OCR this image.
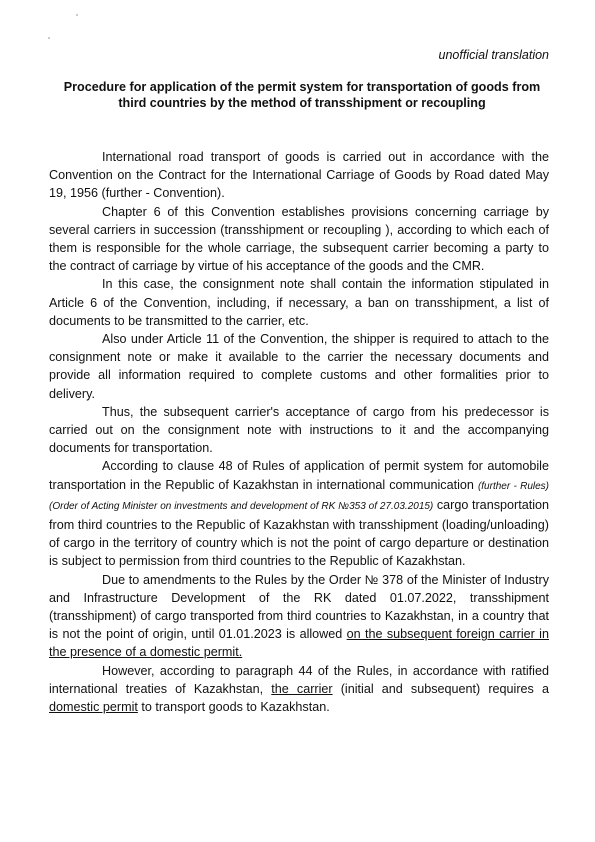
unofficial translation
Procedure for application of the permit system for transportation of goods from third countries by the method of transshipment or recoupling

International road transport of goods is carried out in accordance with the Convention on the Contract for the International Carriage of Goods by Road dated May 19, 1956 (further - Convention).

Chapter 6 of this Convention establishes provisions concerning carriage by several carriers in succession (transshipment or recoupling ), according to which each of them is responsible for the whole carriage, the subsequent carrier becoming a party to the contract of carriage by virtue of his acceptance of the goods and the CMR.

In this case, the consignment note shall contain the information stipulated in Article 6 of the Convention, including, if necessary, a ban on transshipment, a list of documents to be transmitted to the carrier, etc.

Also under Article 11 of the Convention, the shipper is required to attach to the consignment note or make it available to the carrier the necessary documents and provide all information required to complete customs and other formalities prior to delivery.

Thus, the subsequent carrier's acceptance of cargo from his predecessor is carried out on the consignment note with instructions to it and the accompanying documents for transportation.

According to clause 48 of Rules of application of permit system for automobile transportation in the Republic of Kazakhstan in international communication (further - Rules) (Order of Acting Minister on investments and development of RK №353 of 27.03.2015) cargo transportation from third countries to the Republic of Kazakhstan with transshipment (loading/unloading) of cargo in the territory of country which is not the point of cargo departure or destination is subject to permission from third countries to the Republic of Kazakhstan.

Due to amendments to the Rules by the Order № 378 of the Minister of Industry and Infrastructure Development of the RK dated 01.07.2022, transshipment (transshipment) of cargo transported from third countries to Kazakhstan, in a country that is not the point of origin, until 01.01.2023 is allowed on the subsequent foreign carrier in the presence of a domestic permit.

However, according to paragraph 44 of the Rules, in accordance with ratified international treaties of Kazakhstan, the carrier (initial and subsequent) requires a domestic permit to transport goods to Kazakhstan.
